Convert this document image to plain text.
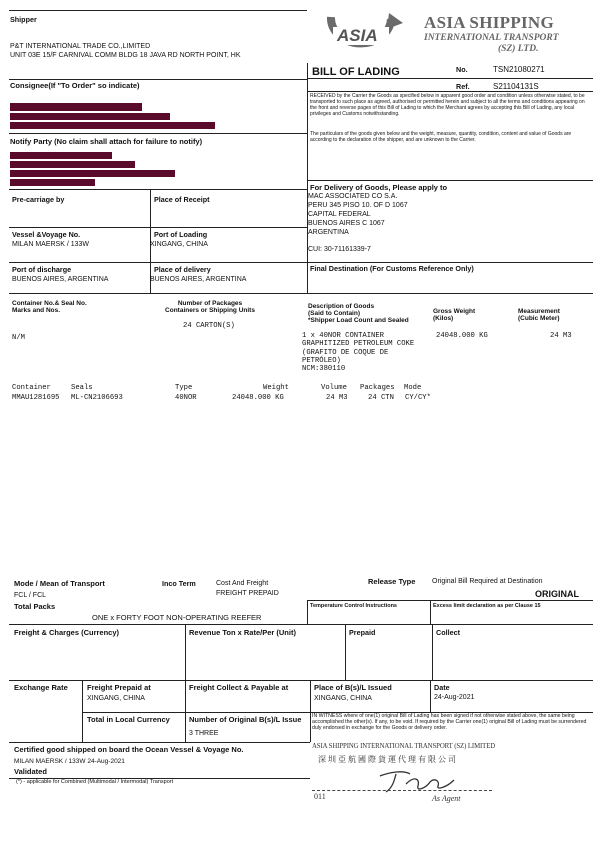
Shipper
P&T INTERNATIONAL TRADE CO.,LIMITED
UNIT 03E 15/F CARNIVAL COMM BLDG 18 JAVA RD NORTH POINT, HK
ASIA
ASIA SHIPPING
INTERNATIONAL TRANSPORT
(SZ) LTD.
BILL OF LADING	No.	TSN21080271
Ref.	S21104131S
RECEIVED by the Carrier the Goods as specified below in apparent good order and condition unless otherwise stated, to be transported to such place as agreed, authorised or permitted herein and subject to all the terms and conditions appearing on the front and reverse pages of this Bill of Lading to which the Merchant agrees by accepting this Bill of Lading, any local privileges and Customs notwithstanding.
The particulars of the goods given below and the weight, measure, quantity, condition, content and value of Goods are according to the declaration of the shipper, and are unknown to the Carrier.
Consignee(If "To Order" so indicate)
Notify Party (No claim shall attach for failure to notify)
For Delivery of Goods, Please apply to
MAC ASSOCIATED CO S.A.
PERU 345 PISO 10. OF D 1067
CAPITAL FEDERAL
BUENOS AIRES C 1067
ARGENTINA
CUI: 30-71161339-7
Pre-carriage by	Place of Receipt
Vessel &Voyage No.
MILAN MAERSK / 133W
Port of Loading
XINGANG, CHINA
Port of discharge
BUENOS AIRES, ARGENTINA
Place of delivery
BUENOS AIRES, ARGENTINA
Final Destination (For Customs Reference Only)
Container No.& Seal No.
Marks and Nos.
Number of Packages
Containers or Shipping Units
Description of Goods
(Said to Contain)
*Shipper Load Count and Sealed
Gross Weight
(Kilos)
Measurement
(Cubic Meter)
24 CARTON(S)
N/M	1 x 40NOR CONTAINER
GRAPHITIZED PETROLEUM COKE
(GRAFITO DE COQUE DE
PETRÓLEO)
NCM:380110
24048.000 KG	24 M3
Container	Seals	Type	Weight	Volume Packages Mode
MMAU1281695 ML-CN2106693	40NOR	24048.000 KG	24 M3	24 CTN CY/CY*
Mode / Mean of Transport
FCL / FCL
Inco Term	Cost And Freight
FREIGHT PREPAID
Release Type Original Bill Required at Destination
ORIGINAL
Total Packs
ONE x FORTY FOOT NON-OPERATING REEFER
Temperature Control Instructions	Excess limit declaration as per Clause 15
Freight & Charges (Currency)	Revenue Ton x Rate/Per (Unit)	Prepaid	Collect
Exchange Rate	Freight Prepaid at
XINGANG, CHINA
Freight Collect & Payable at	Place of B(s)/L Issued
XINGANG, CHINA
Date
24-Aug-2021
Total in Local Currency	Number of Original B(s)/L Issue
3 THREE
IN WITNESS where of one(1) original Bill of Lading has been signed if not otherwise stated above, the same being accomplished the other(s). If any, to be void. If required by the Carrier one(1) original Bill of Lading must be surrendered duly endorsed in exchange for the Goods or delivery order.
Certified good shipped on board the Ocean Vessel & Voyage No.
MILAN MAERSK / 133W 24-Aug-2021
Validated
(*) - applicable for Combined (Multimodal / Intermodal) Transport
ASIA SHIPPING INTERNATIONAL TRANSPORT (SZ) LIMITED
深圳亞航國際貨運代理有限公司
011	As Agent
